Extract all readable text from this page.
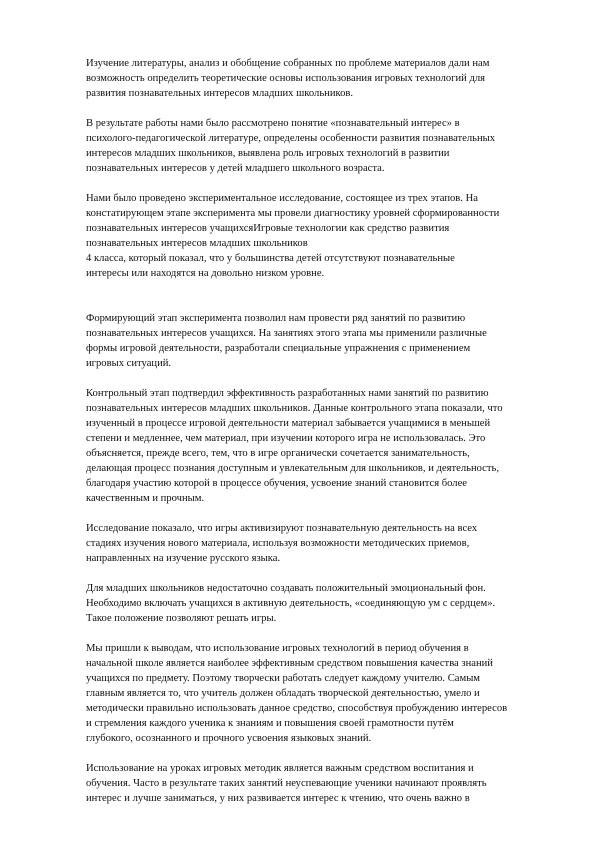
Изучение литературы, анализ и обобщение собранных по проблеме материалов дали нам
возможность определить теоретические основы использования игровых технологий для
развития познавательных интересов младших школьников.

В результате работы нами было рассмотрено понятие «познавательный интерес» в
психолого-педагогической литературе, определены особенности развития познавательных
интересов младших школьников, выявлена роль игровых технологий в развитии
познавательных интересов у детей младшего школьного возраста.

Нами было проведено экспериментальное исследование, состоящее из трех этапов. На
констатирующем этапе эксперимента мы провели диагностику уровней сформированности
познавательных интересов учащихсяИгровые технологии как средство развития
познавательных интересов младших школьников
4 класса, который показал, что у большинства детей отсутствуют познавательные
интересы или находятся на довольно низком уровне.

Формирующий этап эксперимента позволил нам провести ряд занятий по развитию
познавательных интересов учащихся. На занятиях этого этапа мы применили различные
формы игровой деятельности, разработали специальные упражнения с применением
игровых ситуаций.

Контрольный этап подтвердил эффективность разработанных нами занятий по развитию
познавательных интересов младших школьников. Данные контрольного этапа показали, что
изученный в процессе игровой деятельности материал забывается учащимися в меньшей
степени и медленнее, чем материал, при изучении которого игра не использовалась. Это
объясняется, прежде всего, тем, что в игре органически сочетается занимательность,
делающая процесс познания доступным и увлекательным для школьников, и деятельность,
благодаря участию которой в процессе обучения, усвоение знаний становится более
качественным и прочным.

Исследование показало, что игры активизируют познавательную деятельность на всех
стадиях изучения нового материала, используя возможности методических приемов,
направленных на изучение русского языка.

Для младших школьников недостаточно создавать положительный эмоциональный фон.
Необходимо включать учащихся в активную деятельность, «соединяющую ум с сердцем».
Такое положение позволяют решать игры.

Мы пришли к выводам, что использование игровых технологий в период обучения в
начальной школе является наиболее эффективным средством повышения качества знаний
учащихся по предмету. Поэтому творчески работать следует каждому учителю. Самым
главным является то, что учитель должен обладать творческой деятельностью, умело и
методически правильно использовать данное средство, способствуя пробуждению интересов
и стремления каждого ученика к знаниям и повышения своей грамотности путём
глубокого, осознанного и прочного усвоения языковых знаний.

Использование на уроках игровых методик является важным средством воспитания и
обучения. Часто в результате таких занятий неуспевающие ученики начинают проявлять
интерес и лучше заниматься, у них развивается интерес к чтению, что очень важно в
